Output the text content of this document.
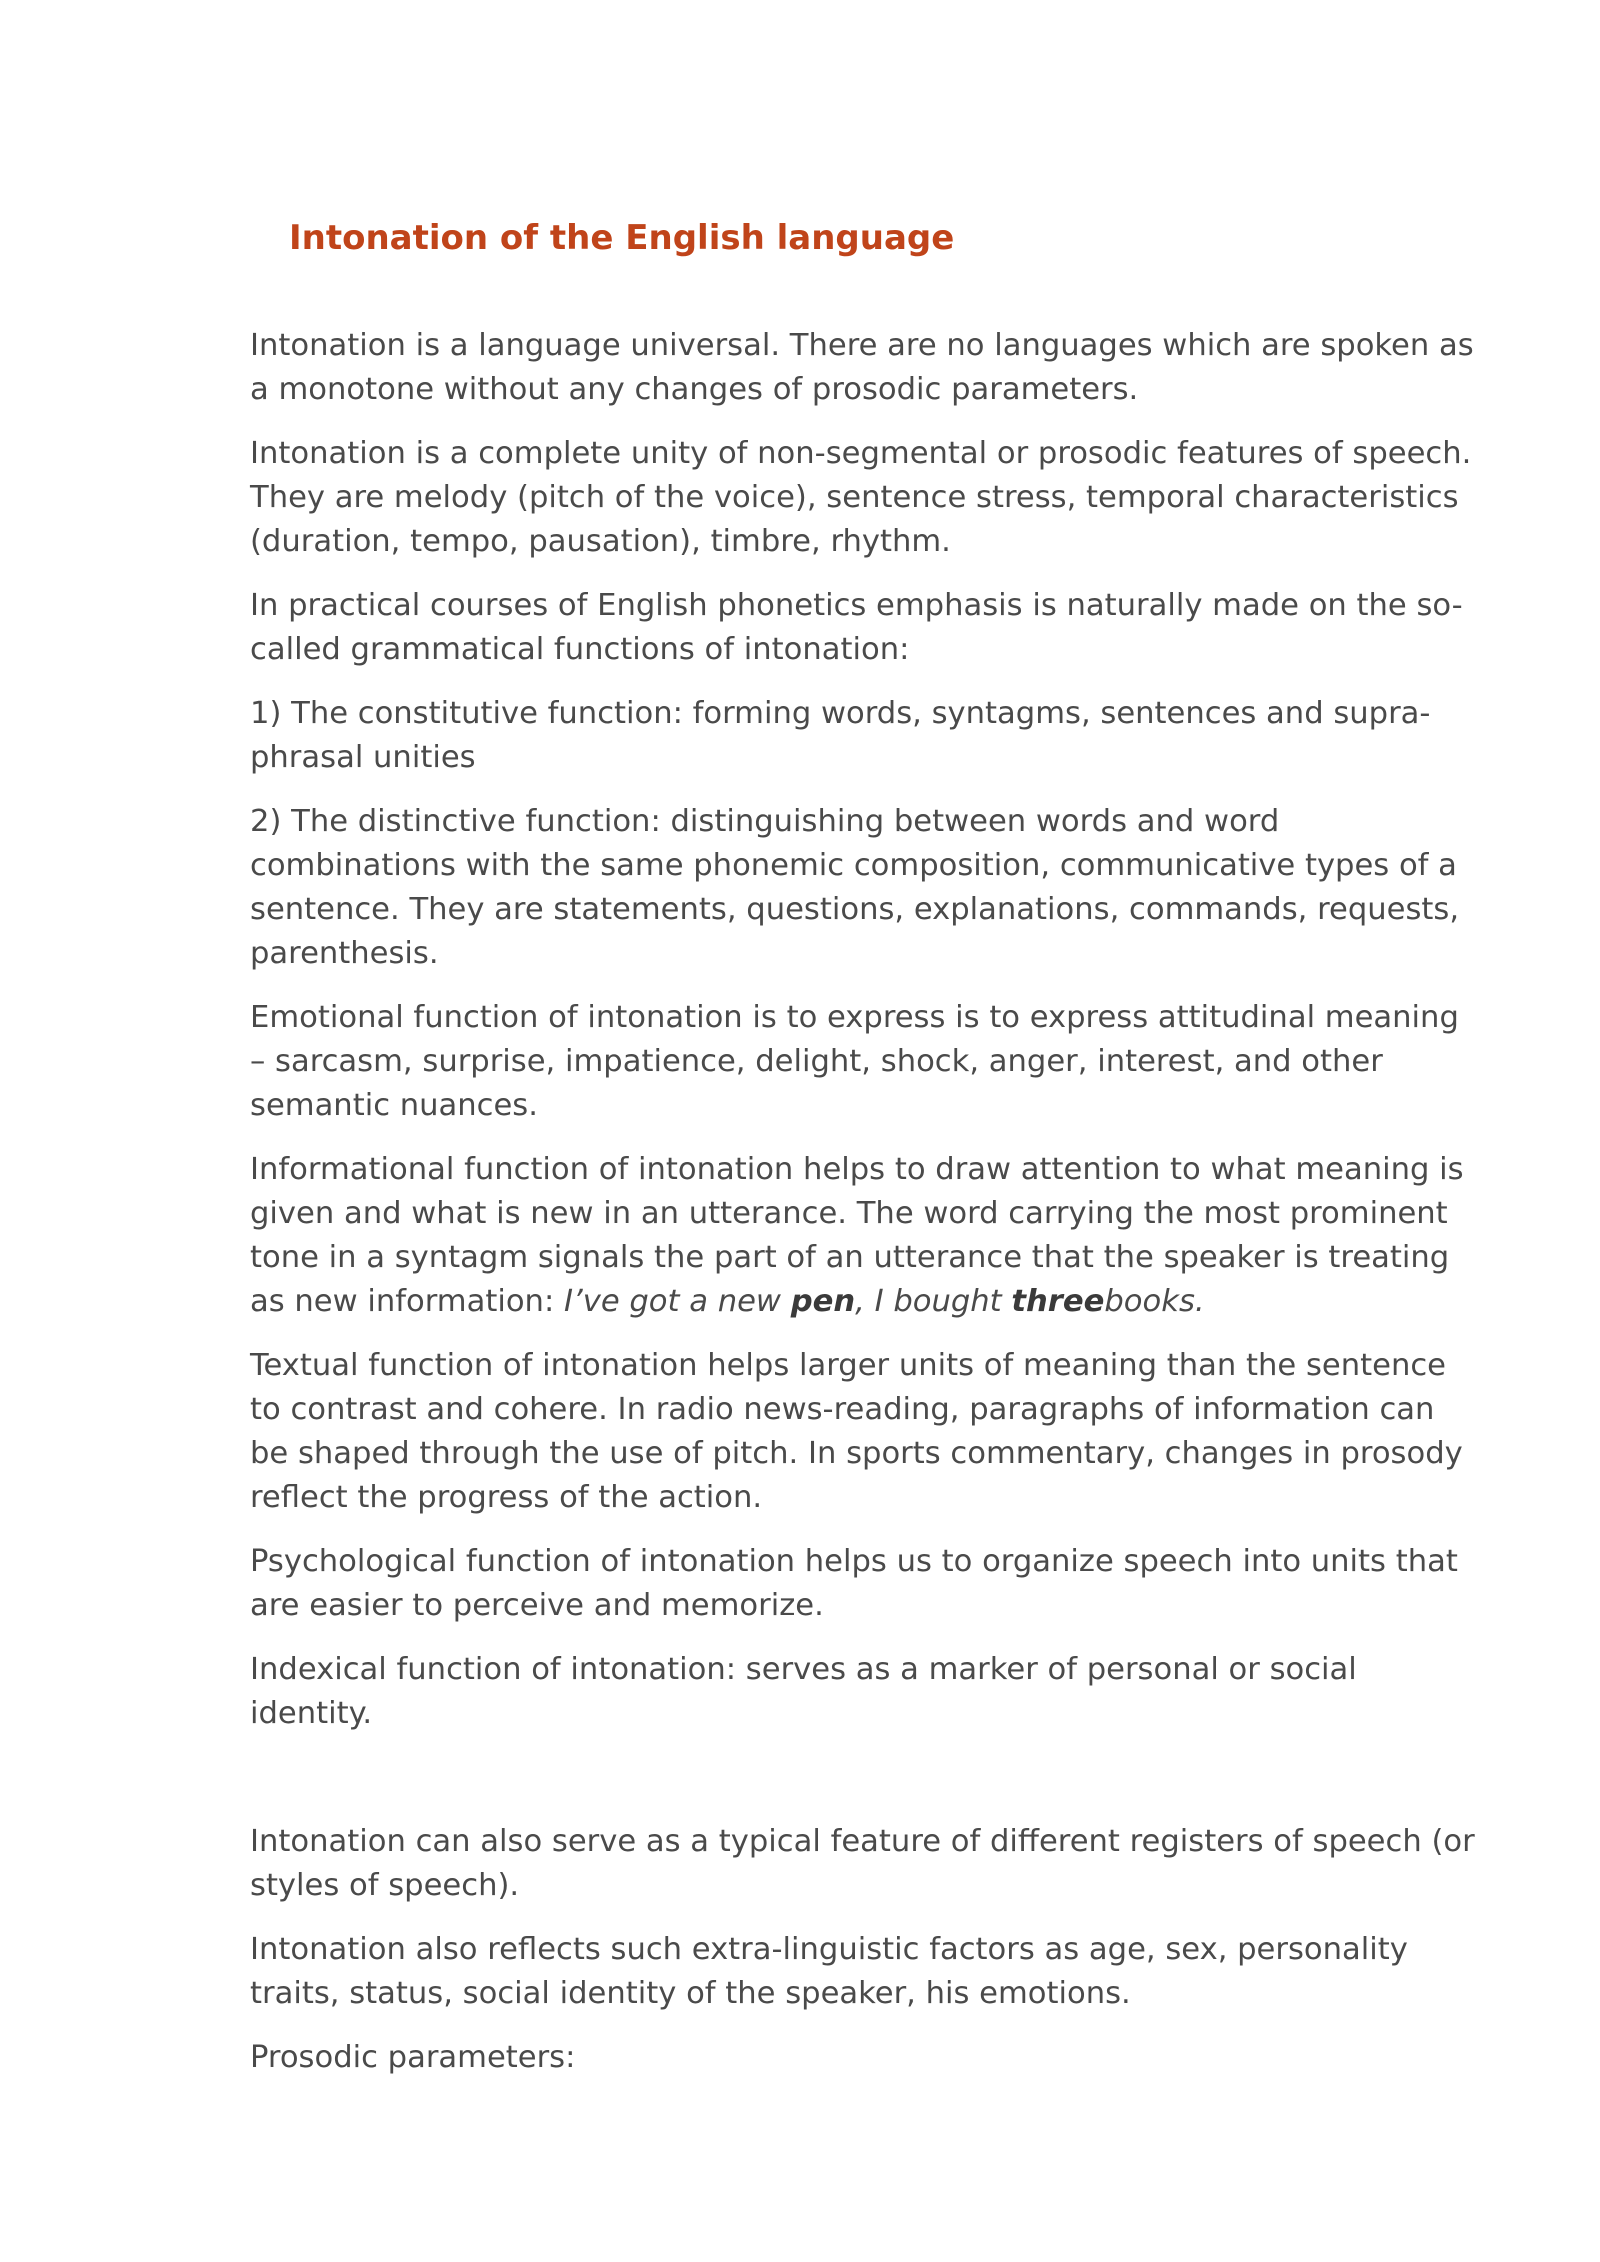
Intonation of the English language

Intonation is a language universal. There are no languages which are spoken as a monotone without any changes of prosodic parameters.

Intonation is a complete unity of non-segmental or prosodic features of speech. They are melody (pitch of the voice), sentence stress, temporal characteristics (duration, tempo, pausation), timbre, rhythm.

In practical courses of English phonetics emphasis is naturally made on the so-called grammatical functions of intonation:

1) The constitutive function: forming words, syntagms, sentences and supra-phrasal unities

2) The distinctive function: distinguishing between words and word combinations with the same phonemic composition, communicative types of a sentence. They are statements, questions, explanations, commands, requests, parenthesis.

Emotional function of intonation is to express is to express attitudinal meaning – sarcasm, surprise, impatience, delight, shock, anger, interest, and other semantic nuances.

Informational function of intonation helps to draw attention to what meaning is given and what is new in an utterance. The word carrying the most prominent tone in a syntagm signals the part of an utterance that the speaker is treating as new information: I’ve got a new pen, I bought threebooks.

Textual function of intonation helps larger units of meaning than the sentence to contrast and cohere. In radio news-reading, paragraphs of information can be shaped through the use of pitch. In sports commentary, changes in prosody reflect the progress of the action.

Psychological function of intonation helps us to organize speech into units that are easier to perceive and memorize.

Indexical function of intonation: serves as a marker of personal or social identity.

Intonation can also serve as a typical feature of different registers of speech (or styles of speech).

Intonation also reflects such extra-linguistic factors as age, sex, personality traits, status, social identity of the speaker, his emotions.

Prosodic parameters:
